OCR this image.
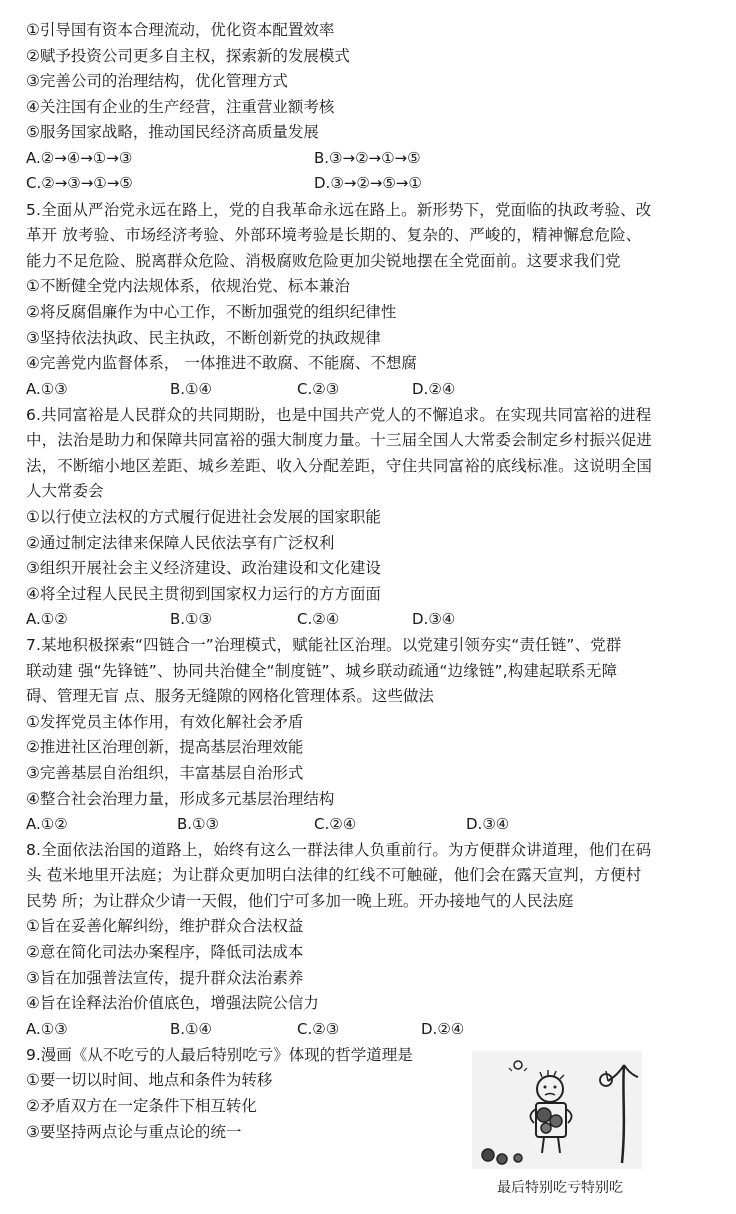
①引导国有资本合理流动，优化资本配置效率
②赋予投资公司更多自主权，探索新的发展模式
③完善公司的治理结构，优化管理方式
④关注国有企业的生产经营，注重营业额考核
⑤服务国家战略，推动国民经济高质量发展
A.②→④→①→③	B.③→②→①→⑤
C.②→③→①→⑤	D.③→②→⑤→①
5.全面从严治党永远在路上，党的自我革命永远在路上。新形势下，党面临的执政考验、改
革开 放考验、市场经济考验、外部环境考验是长期的、复杂的、严峻的，精神懈怠危险、
能力不足危险、脱离群众危险、消极腐败危险更加尖锐地摆在全党面前。这要求我们党
①不断健全党内法规体系，依规治党、标本兼治
②将反腐倡廉作为中心工作，不断加强党的组织纪律性
③坚持依法执政、民主执政，不断创新党的执政规律
④完善党内监督体系， 一体推进不敢腐、不能腐、不想腐
A.①③	B.①④	C.②③	D.②④
6.共同富裕是人民群众的共同期盼，也是中国共产党人的不懈追求。在实现共同富裕的进程
中，法治是助力和保障共同富裕的强大制度力量。十三届全国人大常委会制定乡村振兴促进
法，不断缩小地区差距、城乡差距、收入分配差距，守住共同富裕的底线标准。这说明全国
人大常委会
①以行使立法权的方式履行促进社会发展的国家职能
②通过制定法律来保障人民依法享有广泛权利
③组织开展社会主义经济建设、政治建设和文化建设
④将全过程人民民主贯彻到国家权力运行的方方面面
A.①②	B.①③	C.②④	D.③④
7.某地积极探索“四链合一”治理模式，赋能社区治理。以党建引领夯实“责任链”、党群
联动建 强“先锋链”、协同共治健全“制度链”、城乡联动疏通“边缘链”,构建起联系无障
碍、管理无盲 点、服务无缝隙的网格化管理体系。这些做法
①发挥党员主体作用，有效化解社会矛盾
②推进社区治理创新，提高基层治理效能
③完善基层自治组织，丰富基层自治形式
④整合社会治理力量，形成多元基层治理结构
A.①②	B.①③	C.②④	D.③④
8.全面依法治国的道路上，始终有这么一群法律人负重前行。为方便群众讲道理，他们在码
头 苞米地里开法庭；为让群众更加明白法律的红线不可触碰，他们会在露天宣判，方便村
民势 所；为让群众少请一天假，他们宁可多加一晚上班。开办接地气的人民法庭
①旨在妥善化解纠纷，维护群众合法权益
②意在简化司法办案程序，降低司法成本
③旨在加强普法宣传，提升群众法治素养
④旨在诠释法治价值底色，增强法院公信力
A.①③	B.①④	C.②③	D.②④
9.漫画《从不吃亏的人最后特别吃亏》体现的哲学道理是
①要一切以时间、地点和条件为转移
②矛盾双方在一定条件下相互转化
③要坚持两点论与重点论的统一
最后特别吃亏特别吃
